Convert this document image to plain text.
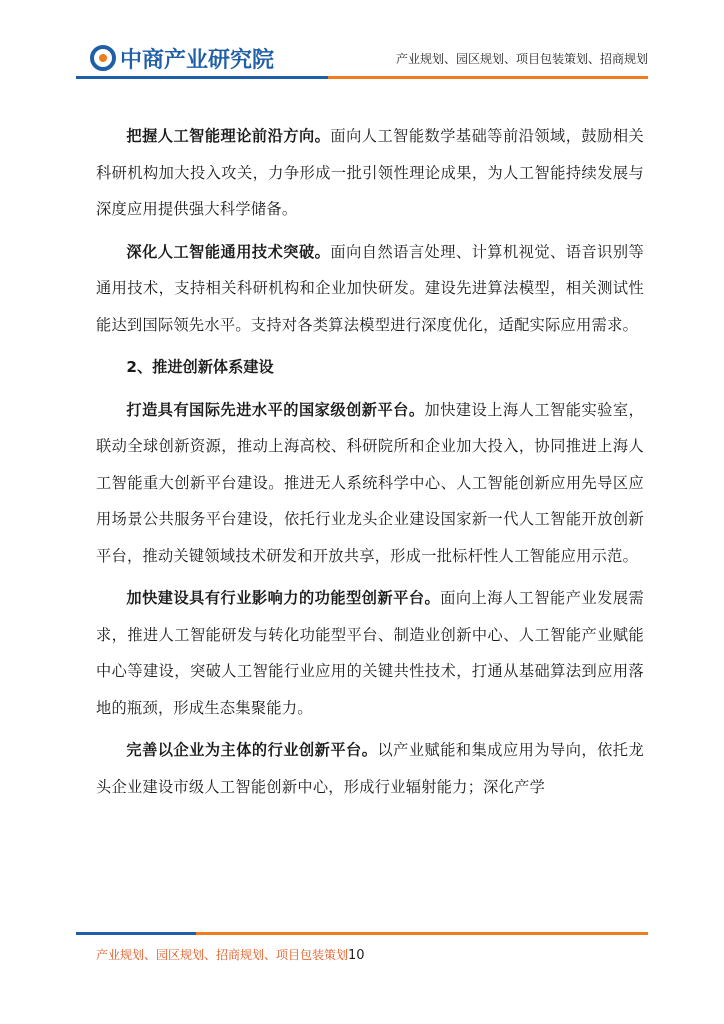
中商产业研究院	产业规划、园区规划、项目包装策划、招商规划

把握人工智能理论前沿方向。面向人工智能数学基础等前沿领域，鼓励相关科研机构加大投入攻关，力争形成一批引领性理论成果，为人工智能持续发展与深度应用提供强大科学储备。

深化人工智能通用技术突破。面向自然语言处理、计算机视觉、语音识别等通用技术，支持相关科研机构和企业加快研发。建设先进算法模型，相关测试性能达到国际领先水平。支持对各类算法模型进行深度优化，适配实际应用需求。

2、推进创新体系建设

打造具有国际先进水平的国家级创新平台。加快建设上海人工智能实验室，联动全球创新资源，推动上海高校、科研院所和企业加大投入，协同推进上海人工智能重大创新平台建设。推进无人系统科学中心、人工智能创新应用先导区应用场景公共服务平台建设，依托行业龙头企业建设国家新一代人工智能开放创新平台，推动关键领域技术研发和开放共享，形成一批标杆性人工智能应用示范。

加快建设具有行业影响力的功能型创新平台。面向上海人工智能产业发展需求，推进人工智能研发与转化功能型平台、制造业创新中心、人工智能产业赋能中心等建设，突破人工智能行业应用的关键共性技术，打通从基础算法到应用落地的瓶颈，形成生态集聚能力。

完善以企业为主体的行业创新平台。以产业赋能和集成应用为导向，依托龙头企业建设市级人工智能创新中心，形成行业辐射能力；深化产学

产业规划、园区规划、招商规划、项目包装策划10
